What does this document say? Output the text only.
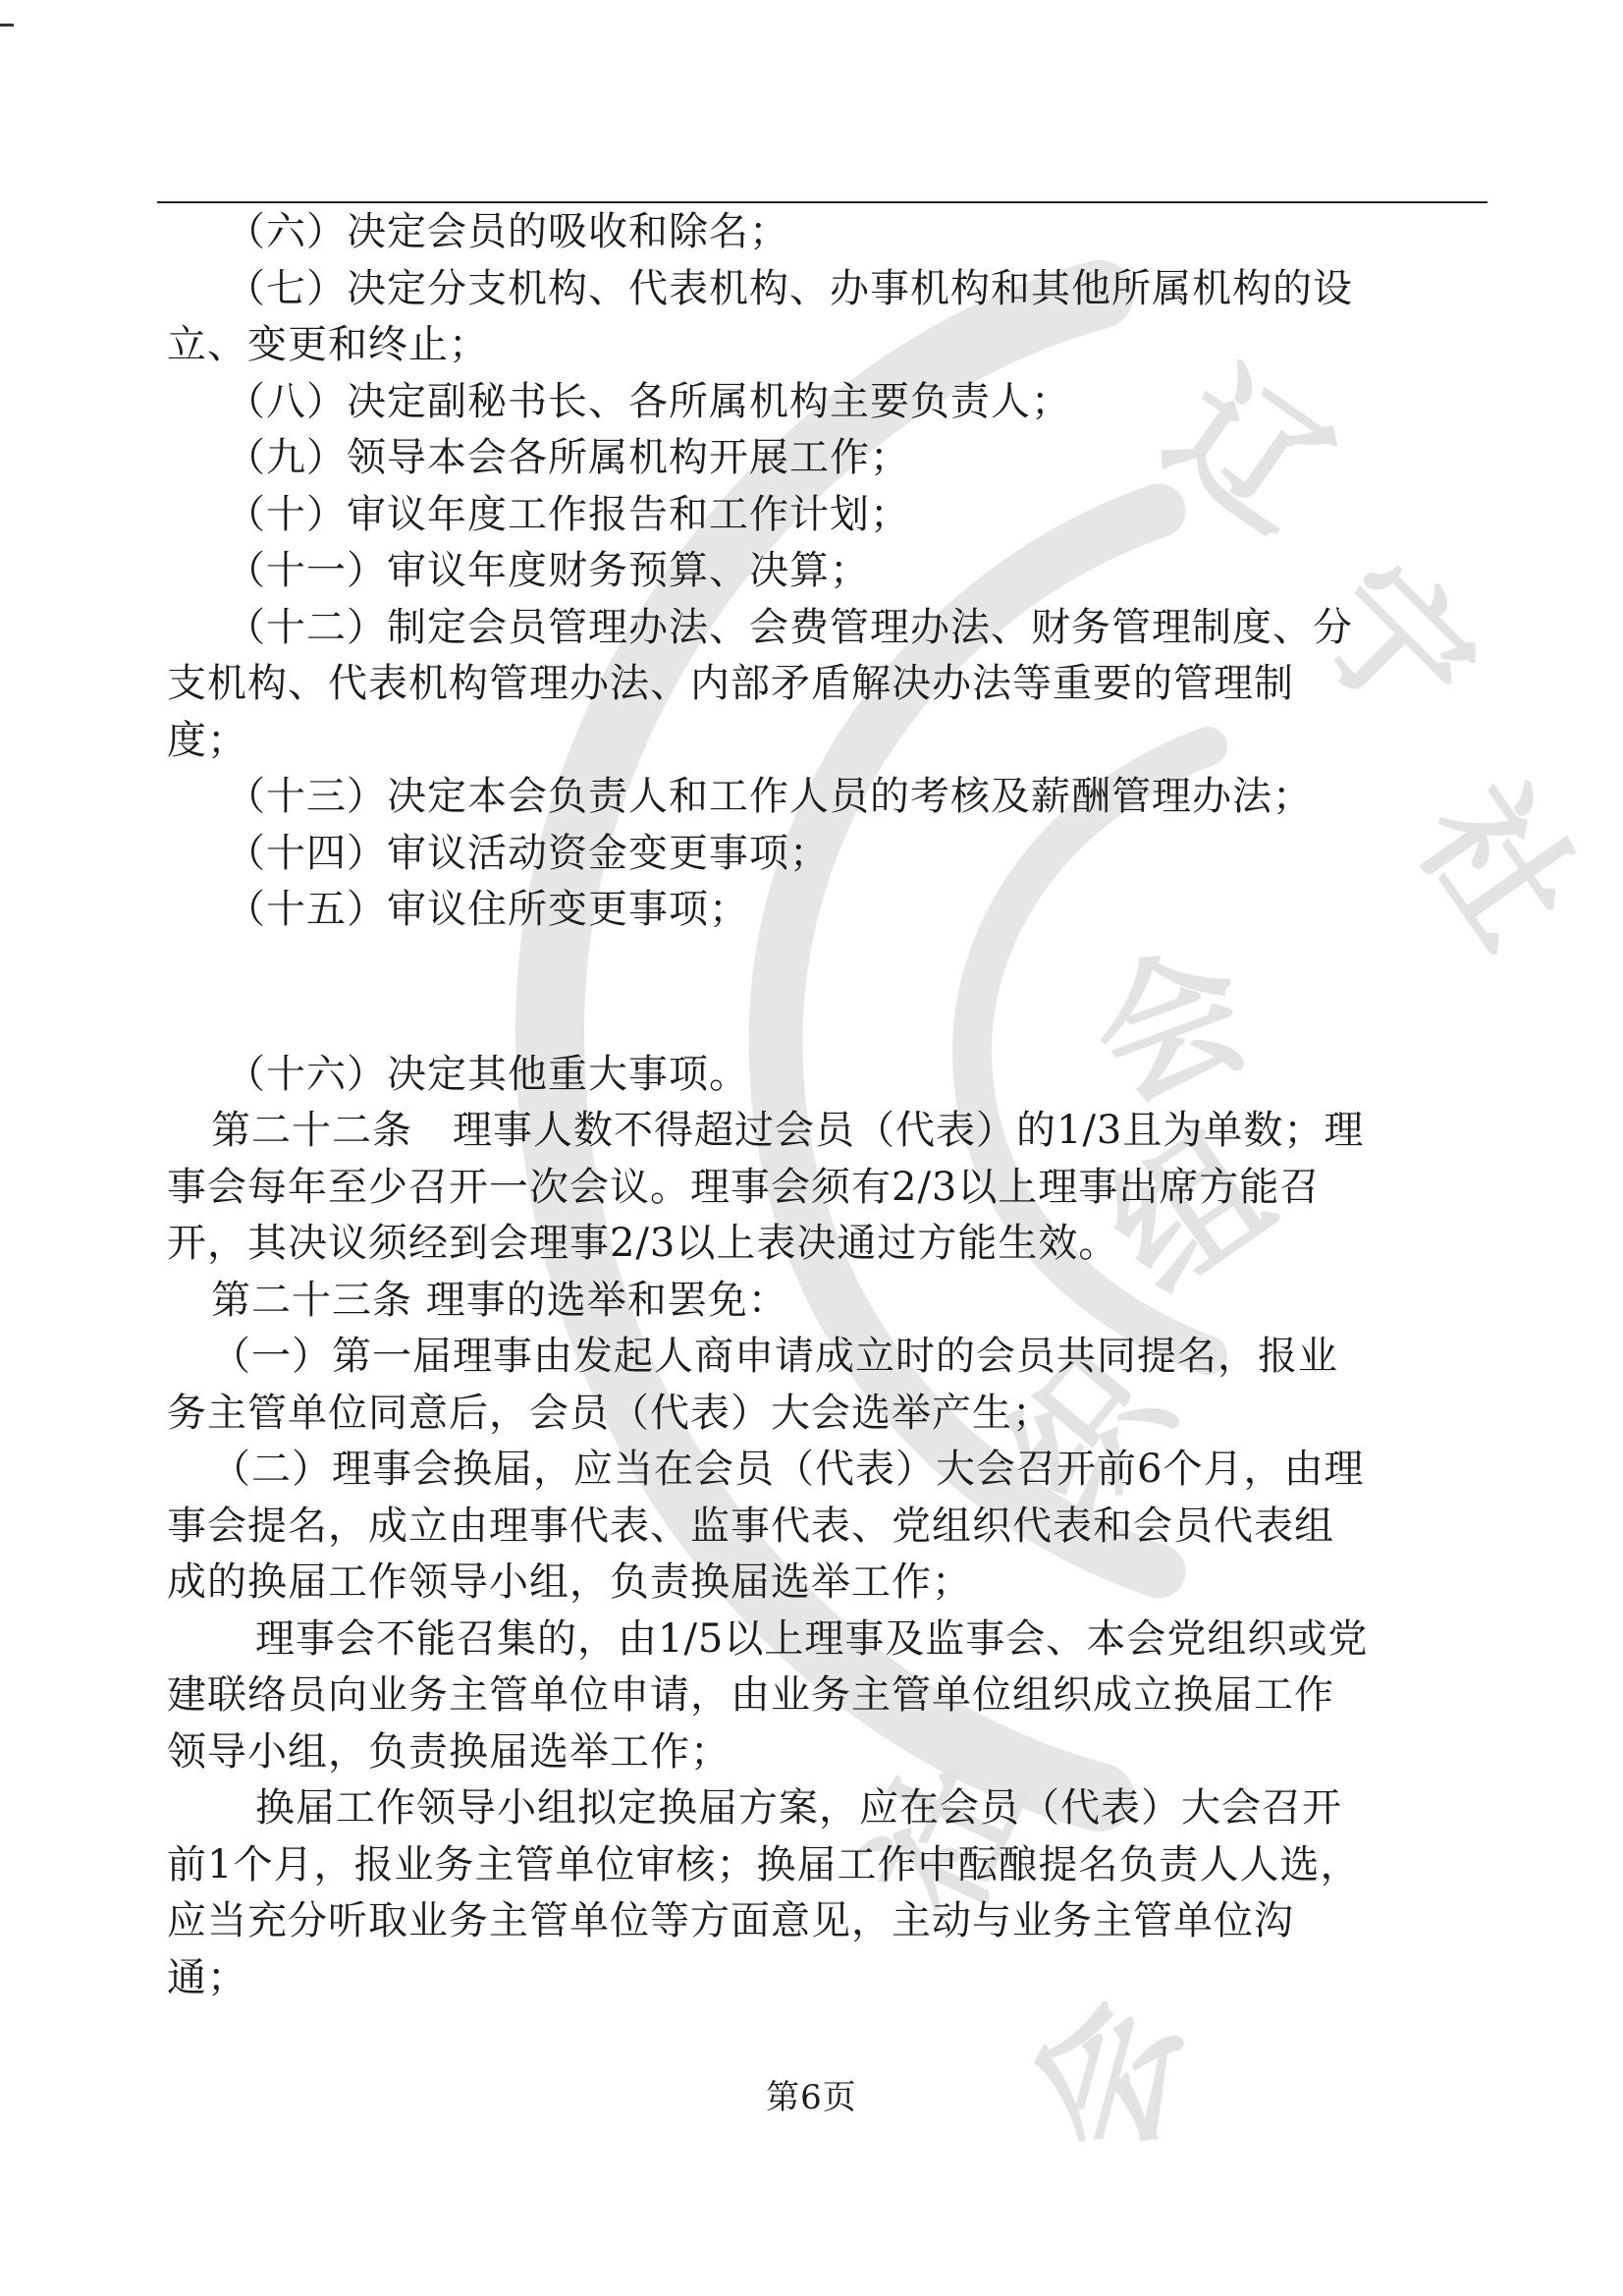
辽
宁
社
会
组
织
社
会
（六）决定会员的吸收和除名；
（七）决定分支机构、代表机构、办事机构和其他所属机构的设
立、变更和终止；
（八）决定副秘书长、各所属机构主要负责人；
（九）领导本会各所属机构开展工作；
（十）审议年度工作报告和工作计划；
（十一）审议年度财务预算、决算；
（十二）制定会员管理办法、会费管理办法、财务管理制度、分
支机构、代表机构管理办法、内部矛盾解决办法等重要的管理制
度；
（十三）决定本会负责人和工作人员的考核及薪酬管理办法；
（十四）审议活动资金变更事项；
（十五）审议住所变更事项；
（十六）决定其他重大事项。
第二十二条　理事人数不得超过会员（代表）的1/3且为单数；理
事会每年至少召开一次会议。理事会须有2/3以上理事出席方能召
开，其决议须经到会理事2/3以上表决通过方能生效。
第二十三条 理事的选举和罢免：
（一）第一届理事由发起人商申请成立时的会员共同提名，报业
务主管单位同意后，会员（代表）大会选举产生；
（二）理事会换届，应当在会员（代表）大会召开前6个月，由理
事会提名，成立由理事代表、监事代表、党组织代表和会员代表组
成的换届工作领导小组，负责换届选举工作；
理事会不能召集的，由1/5以上理事及监事会、本会党组织或党
建联络员向业务主管单位申请，由业务主管单位组织成立换届工作
领导小组，负责换届选举工作；
换届工作领导小组拟定换届方案，应在会员（代表）大会召开
前1个月，报业务主管单位审核；换届工作中酝酿提名负责人人选，
应当充分听取业务主管单位等方面意见，主动与业务主管单位沟
通；
第6页
